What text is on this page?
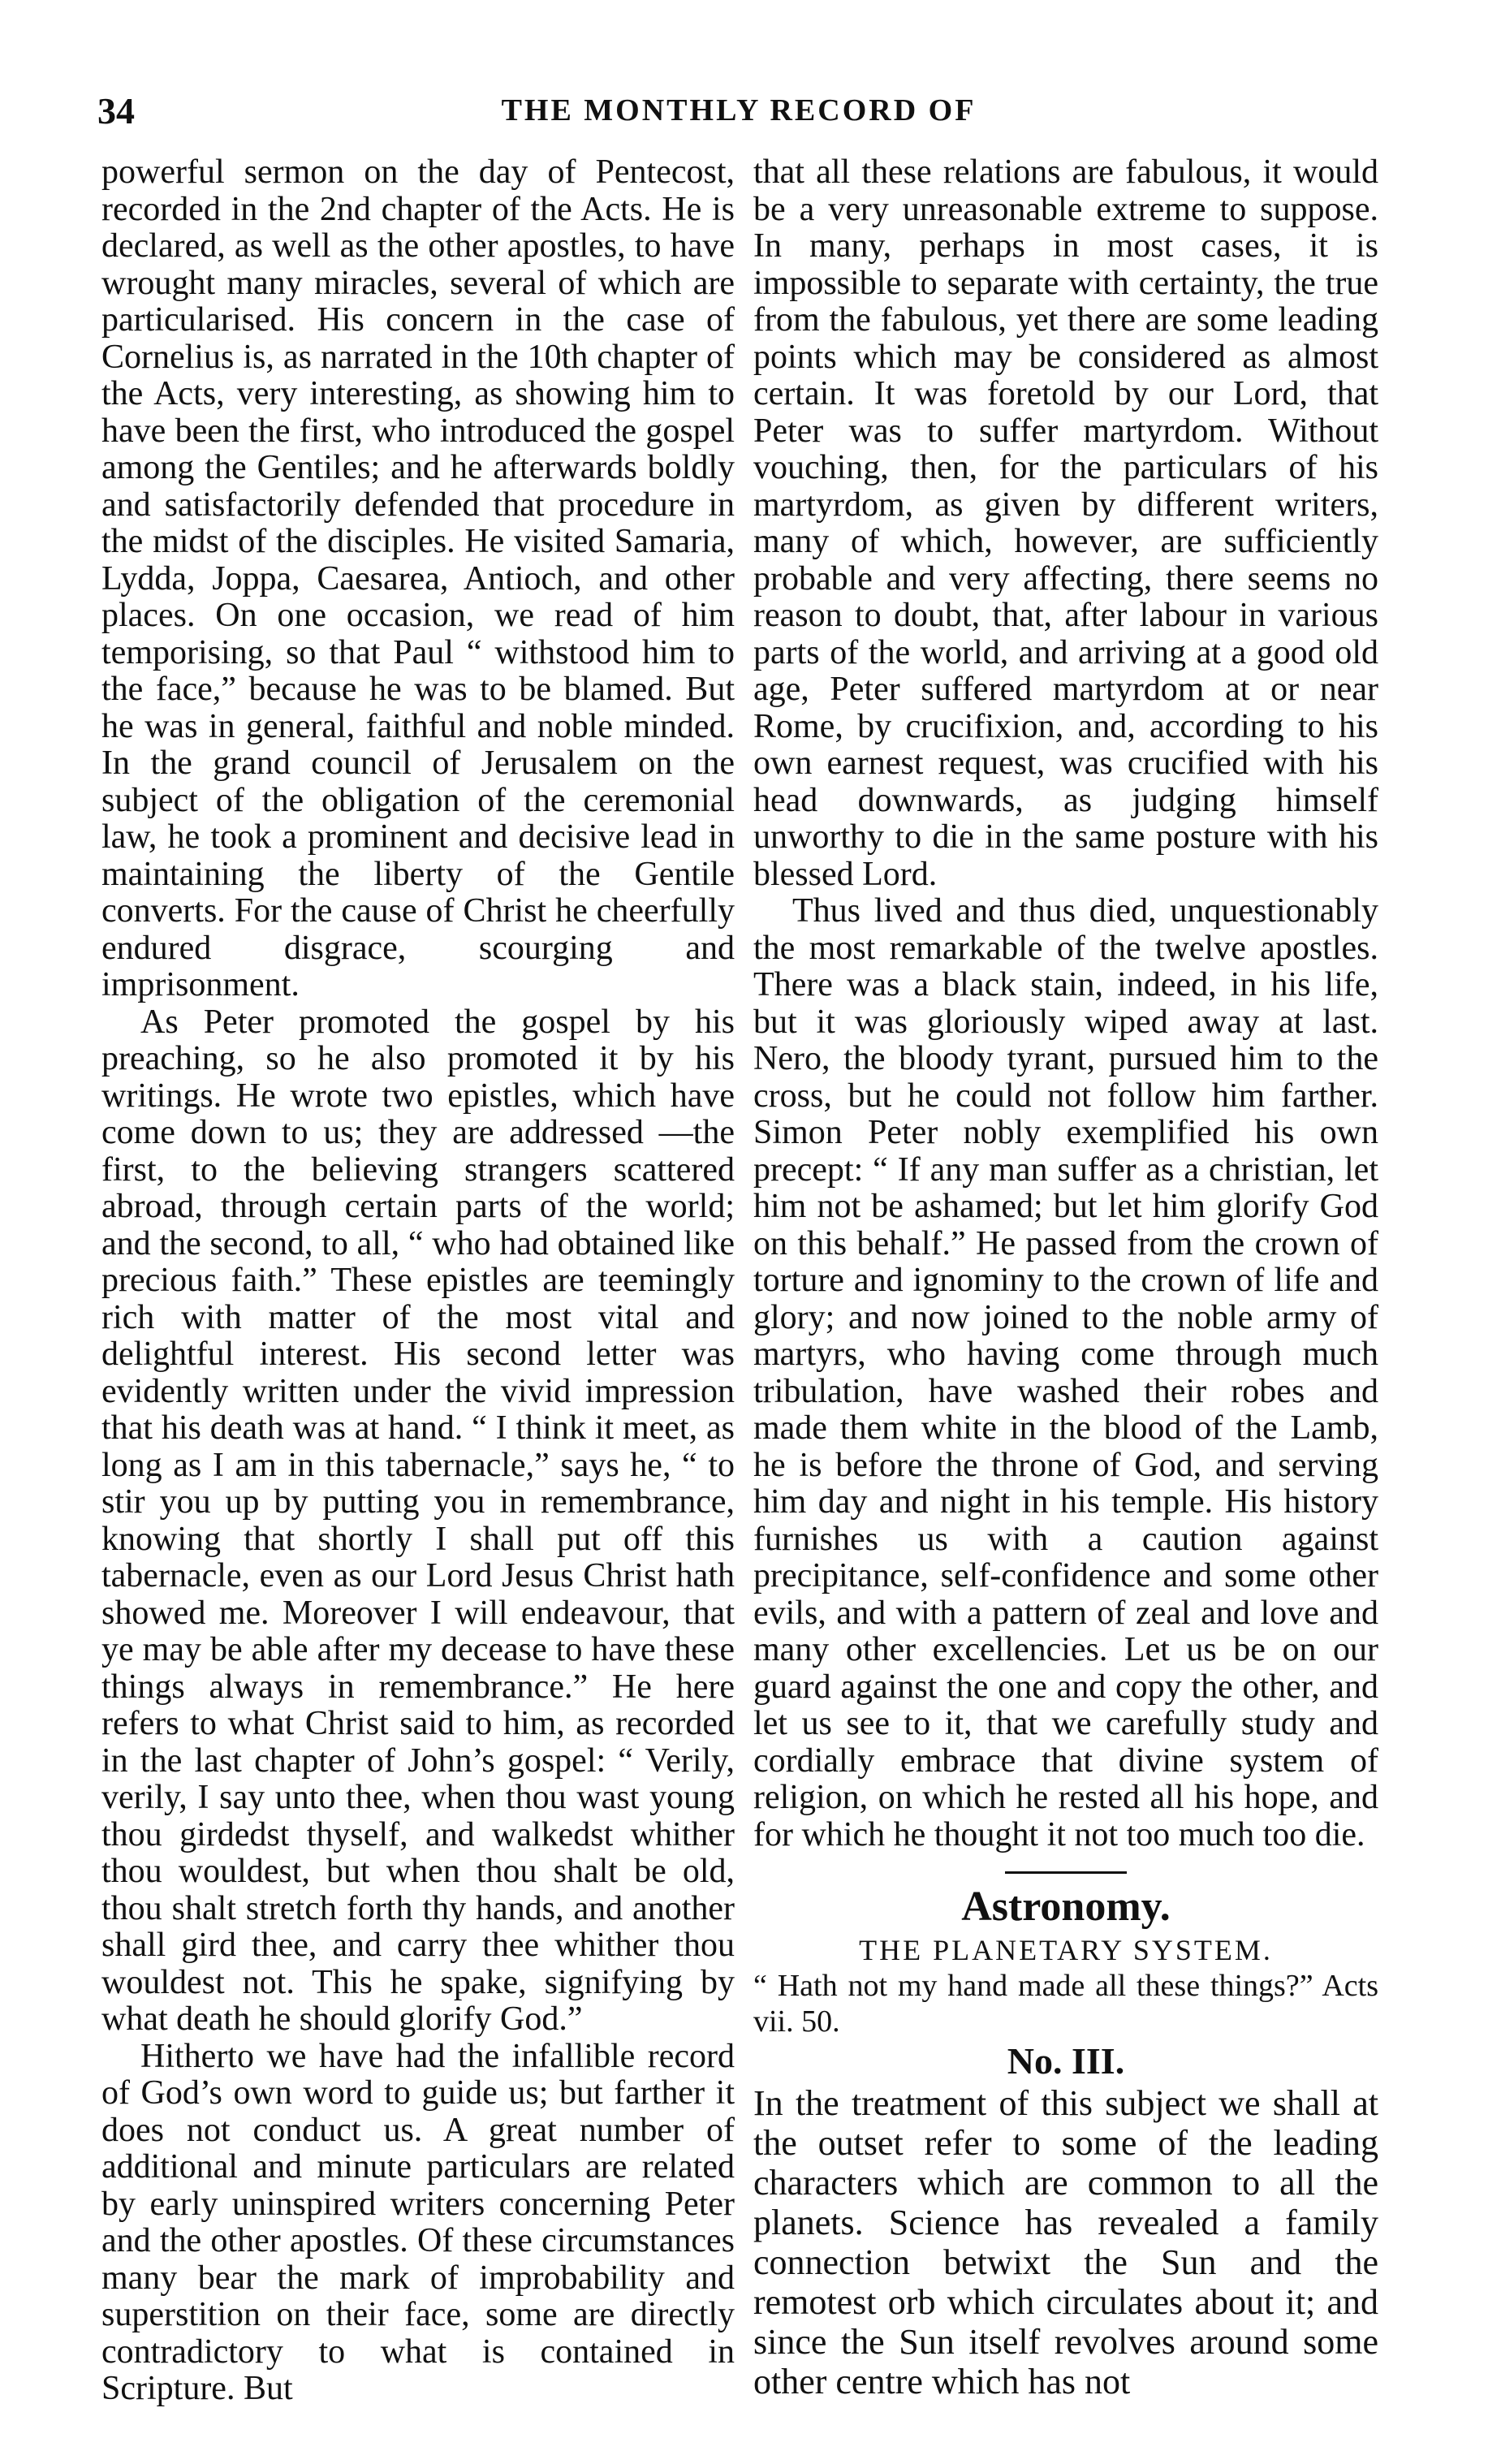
34	THE MONTHLY RECORD OF

powerful sermon on the day of Pentecost, recorded in the 2nd chapter of the Acts. He is declared, as well as the other apostles, to have wrought many miracles, several of which are particularised. His concern in the case of Cornelius is, as narrated in the 10th chapter of the Acts, very interesting, as showing him to have been the first, who introduced the gospel among the Gentiles; and he afterwards boldly and satisfactorily defended that procedure in the midst of the disciples. He visited Samaria, Lydda, Joppa, Caesarea, Antioch, and other places. On one occasion, we read of him temporising, so that Paul “ withstood him to the face,” because he was to be blamed. But he was in general, faithful and noble minded. In the grand council of Jerusalem on the subject of the obligation of the ceremonial law, he took a prominent and decisive lead in maintaining the liberty of the Gentile converts. For the cause of Christ he cheerfully endured disgrace, scourging and imprisonment.

As Peter promoted the gospel by his preaching, so he also promoted it by his writings. He wrote two epistles, which have come down to us; they are addressed —the first, to the believing strangers scattered abroad, through certain parts of the world; and the second, to all, “ who had obtained like precious faith.” These epistles are teemingly rich with matter of the most vital and delightful interest. His second letter was evidently written under the vivid impression that his death was at hand. “ I think it meet, as long as I am in this tabernacle,” says he, “ to stir you up by putting you in remembrance, knowing that shortly I shall put off this tabernacle, even as our Lord Jesus Christ hath showed me. Moreover I will endeavour, that ye may be able after my decease to have these things always in remembrance.” He here refers to what Christ said to him, as recorded in the last chapter of John’s gospel: “ Verily, verily, I say unto thee, when thou wast young thou girdedst thyself, and walkedst whither thou wouldest, but when thou shalt be old, thou shalt stretch forth thy hands, and another shall gird thee, and carry thee whither thou wouldest not. This he spake, signifying by what death he should glorify God.”

Hitherto we have had the infallible record of God’s own word to guide us; but farther it does not conduct us. A great number of additional and minute particulars are related by early uninspired writers concerning Peter and the other apostles. Of these circumstances many bear the mark of improbability and superstition on their face, some are directly contradictory to what is contained in Scripture. But

that all these relations are fabulous, it would be a very unreasonable extreme to suppose. In many, perhaps in most cases, it is impossible to separate with certainty, the true from the fabulous, yet there are some leading points which may be considered as almost certain. It was foretold by our Lord, that Peter was to suffer martyrdom. Without vouching, then, for the particulars of his martyrdom, as given by different writers, many of which, however, are sufficiently probable and very affecting, there seems no reason to doubt, that, after labour in various parts of the world, and arriving at a good old age, Peter suffered martyrdom at or near Rome, by crucifixion, and, according to his own earnest request, was crucified with his head downwards, as judging himself unworthy to die in the same posture with his blessed Lord.

Thus lived and thus died, unquestionably the most remarkable of the twelve apostles. There was a black stain, indeed, in his life, but it was gloriously wiped away at last. Nero, the bloody tyrant, pursued him to the cross, but he could not follow him farther. Simon Peter nobly exemplified his own precept: “ If any man suffer as a christian, let him not be ashamed; but let him glorify God on this behalf.” He passed from the crown of torture and ignominy to the crown of life and glory; and now joined to the noble army of martyrs, who having come through much tribulation, have washed their robes and made them white in the blood of the Lamb, he is before the throne of God, and serving him day and night in his temple. His history furnishes us with a caution against precipitance, self-confidence and some other evils, and with a pattern of zeal and love and many other excellencies. Let us be on our guard against the one and copy the other, and let us see to it, that we carefully study and cordially embrace that divine system of religion, on which he rested all his hope, and for which he thought it not too much too die.

Astronomy.

THE PLANETARY SYSTEM.

“ Hath not my hand made all these things?” Acts vii. 50.

No. III.

In the treatment of this subject we shall at the outset refer to some of the leading characters which are common to all the planets. Science has revealed a family connection betwixt the Sun and the remotest orb which circulates about it; and since the Sun itself revolves around some other centre which has not
